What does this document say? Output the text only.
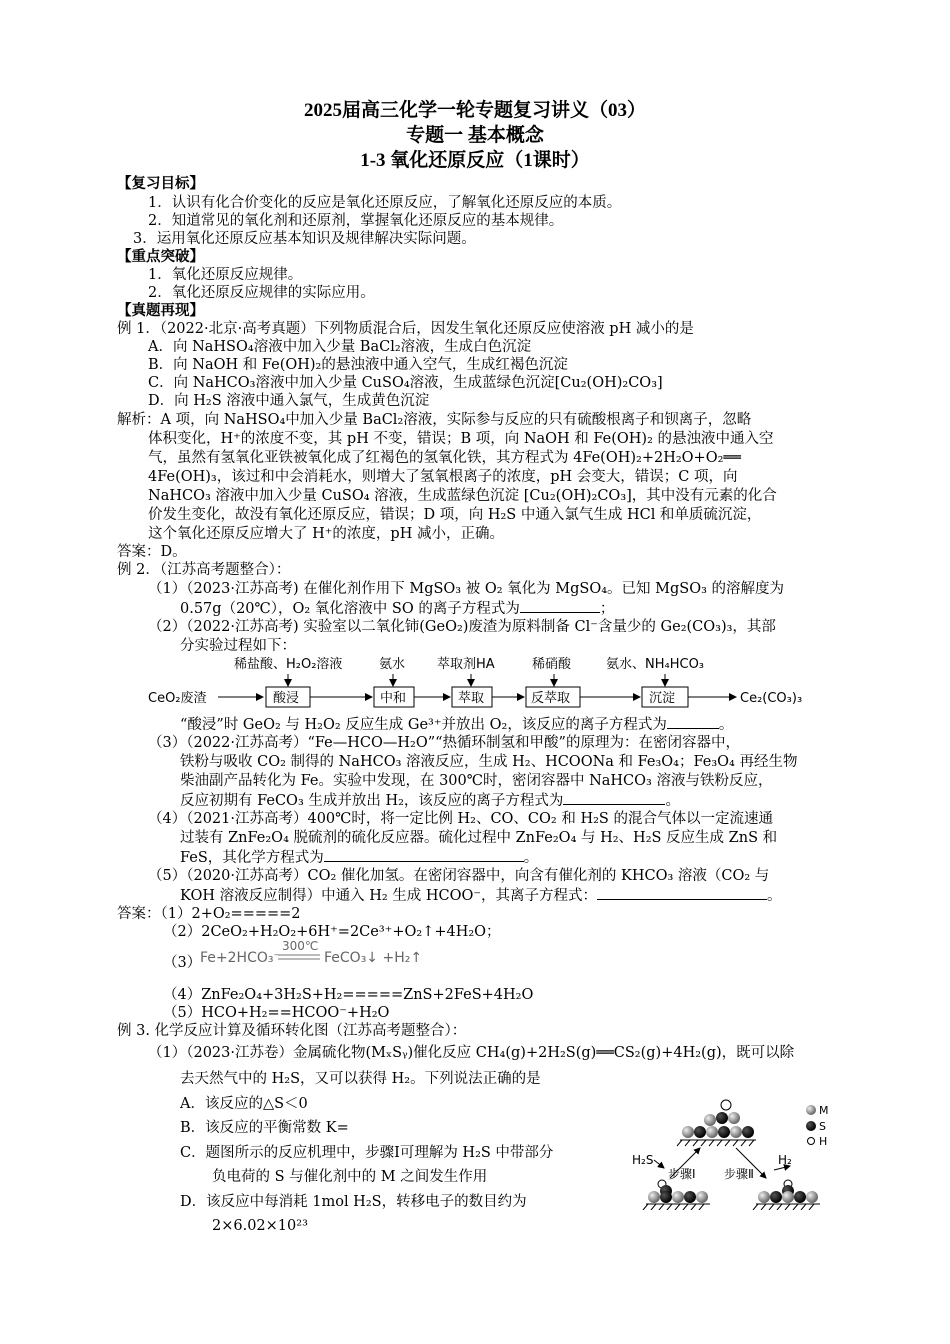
2025届高三化学一轮专题复习讲义（03）
专题一 基本概念
1-3 氧化还原反应（1课时）
【复习目标】
1．认识有化合价变化的反应是氧化还原反应，了解氧化还原反应的本质。
2．知道常见的氧化剂和还原剂，掌握氧化还原反应的基本规律。
3．运用氧化还原反应基本知识及规律解决实际问题。
【重点突破】
1．氧化还原反应规律。
2．氧化还原反应规律的实际应用。
【真题再现】
例 1．（2022·北京·高考真题）下列物质混合后，因发生氧化还原反应使溶液 pH 减小的是
A．向 NaHSO₄溶液中加入少量 BaCl₂溶液，生成白色沉淀
B．向 NaOH 和 Fe(OH)₂的悬浊液中通入空气，生成红褐色沉淀
C．向 NaHCO₃溶液中加入少量 CuSO₄溶液，生成蓝绿色沉淀[Cu₂(OH)₂CO₃]
D．向 H₂S 溶液中通入氯气，生成黄色沉淀
解析：A 项，向 NaHSO₄中加入少量 BaCl₂溶液，实际参与反应的只有硫酸根离子和钡离子，忽略
体积变化，H⁺的浓度不变，其 pH 不变，错误；B 项，向 NaOH 和 Fe(OH)₂ 的悬浊液中通入空
气，虽然有氢氧化亚铁被氧化成了红褐色的氢氧化铁，其方程式为 4Fe(OH)₂+2H₂O+O₂══
4Fe(OH)₃，该过和中会消耗水，则增大了氢氧根离子的浓度，pH 会变大，错误；C 项，向
NaHCO₃ 溶液中加入少量 CuSO₄ 溶液，生成蓝绿色沉淀 [Cu₂(OH)₂CO₃]，其中没有元素的化合
价发生变化，故没有氧化还原反应，错误；D 项，向 H₂S 中通入氯气生成 HCl 和单质硫沉淀，
这个氧化还原反应增大了 H⁺的浓度，pH 减小，正确。
答案：D。
例 2．（江苏高考题整合）：
（1）（2023·江苏高考) 在催化剂作用下 MgSO₃ 被 O₂ 氧化为 MgSO₄。已知 MgSO₃ 的溶解度为
0.57g（20℃），O₂ 氧化溶液中 SO 的离子方程式为	；
（2）（2022·江苏高考) 实验室以二氧化铈(GeO₂)废渣为原料制备 Cl⁻含量少的 Ge₂(CO₃)₃，其部
分实验过程如下：
稀盐酸、H₂O₂溶液	氨水 萃取剂HA	稀硝酸	氨水、NH₄HCO₃
CeO₂废渣	酸浸	中和	萃取	反萃取	沉淀	Ce₂(CO₃)₃
“酸浸”时 GeO₂ 与 H₂O₂ 反应生成 Ge³⁺并放出 O₂，该反应的离子方程式为	。
（3）（2022·江苏高考）“Fe—HCO—H₂O”“热循环制氢和甲酸”的原理为：在密闭容器中，
铁粉与吸收 CO₂ 制得的 NaHCO₃ 溶液反应，生成 H₂、HCOONa 和 Fe₃O₄；Fe₃O₄ 再经生物
柴油副产品转化为 Fe。实验中发现，在 300℃时，密闭容器中 NaHCO₃ 溶液与铁粉反应，
反应初期有 FeCO₃ 生成并放出 H₂，该反应的离子方程式为	。
（4）（2021·江苏高考）400℃时，将一定比例 H₂、CO、CO₂ 和 H₂S 的混合气体以一定流速通
过装有 ZnFe₂O₄ 脱硫剂的硫化反应器。硫化过程中 ZnFe₂O₄ 与 H₂、H₂S 反应生成 ZnS 和
FeS，其化学方程式为	。
（5）（2020·江苏高考）CO₂ 催化加氢。在密闭容器中，向含有催化剂的 KHCO₃ 溶液（CO₂ 与
KOH 溶液反应制得）中通入 H₂ 生成 HCOO⁻，其离子方程式：	。
答案：（1）2+O₂=====2
（2）2CeO₂+H₂O₂+6H⁺=2Ce³⁺+O₂↑+4H₂O；
（3）
Fe+2HCO₃⁻
300℃
FeCO₃↓ +H₂↑
（4）ZnFe₂O₄+3H₂S+H₂=====ZnS+2FeS+4H₂O
（5）HCO+H₂==HCOO⁻+H₂O
例 3. 化学反应计算及循环转化图（江苏高考题整合）：
（1）（2023·江苏卷）金属硫化物(MₓSᵧ)催化反应 CH₄(g)+2H₂S(g)══CS₂(g)+4H₂(g)，既可以除
去天然气中的 H₂S，又可以获得 H₂。下列说法正确的是
A．该反应的△S＜0
B．该反应的平衡常数 K=
C．题图所示的反应机理中，步骤Ⅰ可理解为 H₂S 中带部分
负电荷的 S 与催化剂中的 M 之间发生作用
D．该反应中每消耗 1mol H₂S，转移电子的数目约为
2×6.02×10²³
M
S
H
步骤Ⅰ 步骤Ⅱ
H₂S	H₂
